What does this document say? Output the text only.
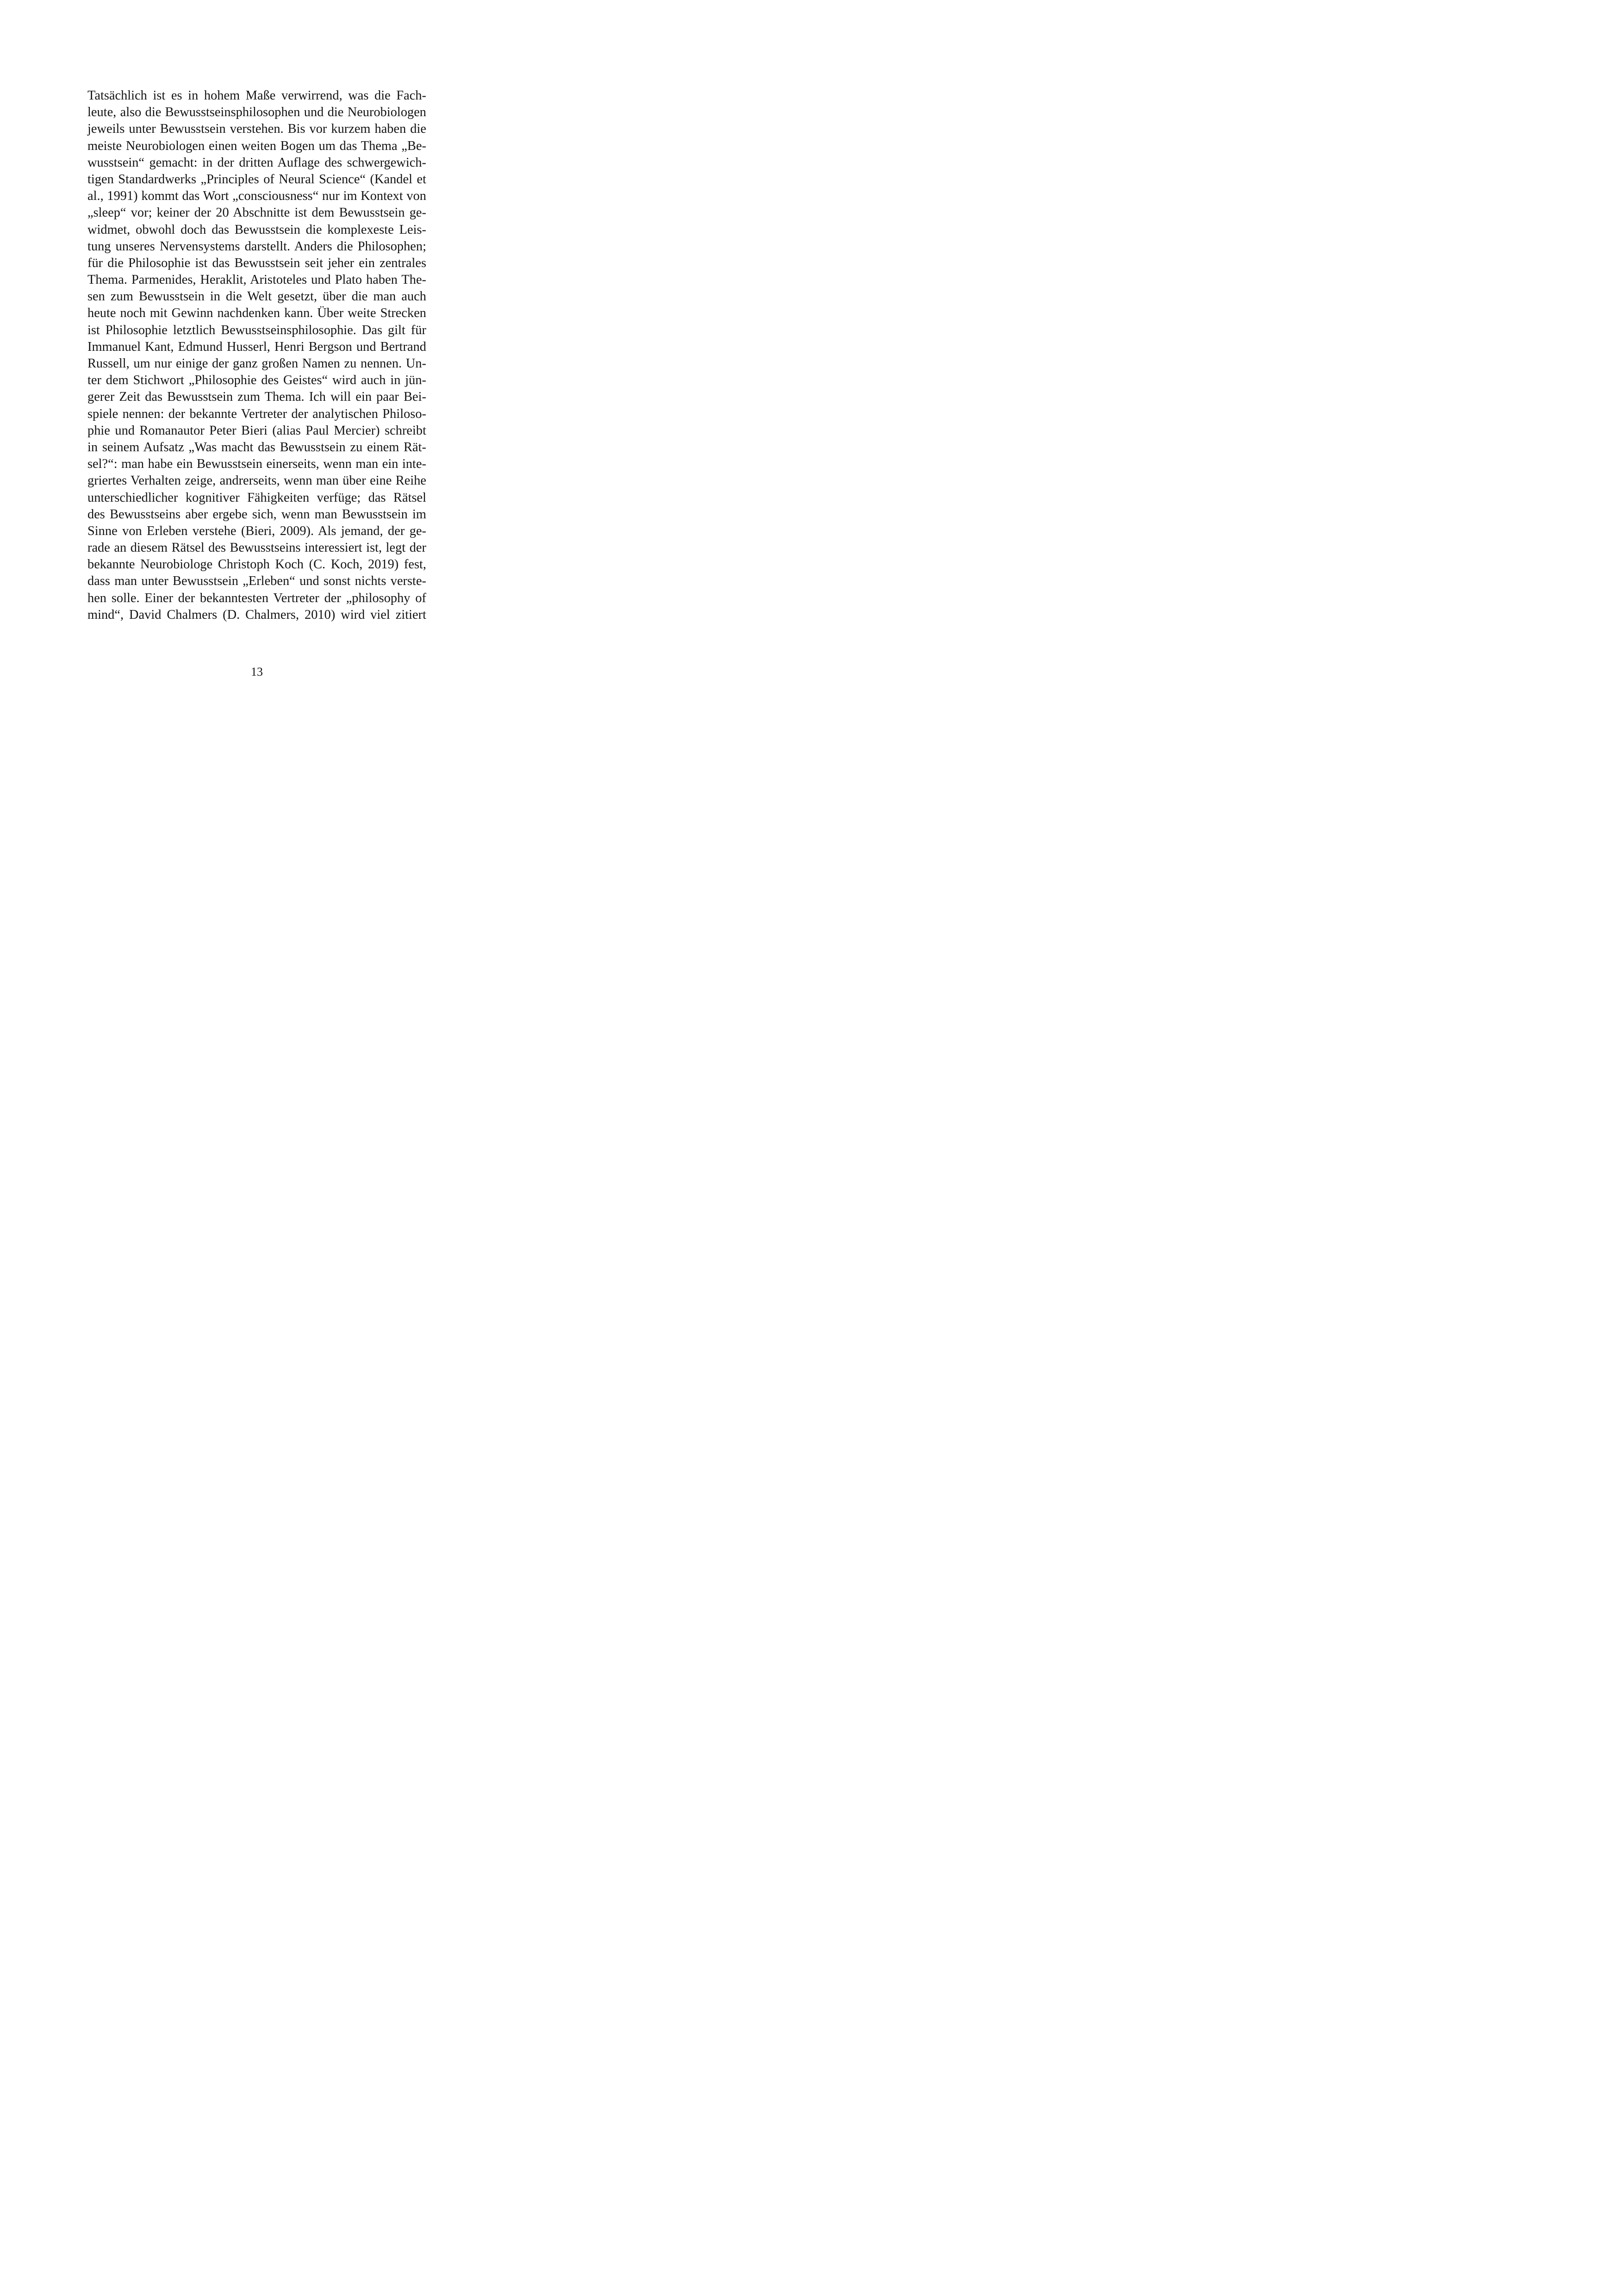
Tatsächlich ist es in hohem Maße verwirrend, was die Fach-
leute, also die Bewusstseinsphilosophen und die Neurobiologen
jeweils unter Bewusstsein verstehen. Bis vor kurzem haben die
meiste Neurobiologen einen weiten Bogen um das Thema „Be-
wusstsein“ gemacht: in der dritten Auflage des schwergewich-
tigen Standardwerks „Principles of Neural Science“ (Kandel et
al., 1991) kommt das Wort „consciousness“ nur im Kontext von
„sleep“ vor; keiner der 20 Abschnitte ist dem Bewusstsein ge-
widmet, obwohl doch das Bewusstsein die komplexeste Leis-
tung unseres Nervensystems darstellt. Anders die Philosophen;
für die Philosophie ist das Bewusstsein seit jeher ein zentrales
Thema. Parmenides, Heraklit, Aristoteles und Plato haben The-
sen zum Bewusstsein in die Welt gesetzt, über die man auch
heute noch mit Gewinn nachdenken kann. Über weite Strecken
ist Philosophie letztlich Bewusstseinsphilosophie. Das gilt für
Immanuel Kant, Edmund Husserl, Henri Bergson und Bertrand
Russell, um nur einige der ganz großen Namen zu nennen. Un-
ter dem Stichwort „Philosophie des Geistes“ wird auch in jün-
gerer Zeit das Bewusstsein zum Thema. Ich will ein paar Bei-
spiele nennen: der bekannte Vertreter der analytischen Philoso-
phie und Romanautor Peter Bieri (alias Paul Mercier) schreibt
in seinem Aufsatz „Was macht das Bewusstsein zu einem Rät-
sel?“: man habe ein Bewusstsein einerseits, wenn man ein inte-
griertes Verhalten zeige, andrerseits, wenn man über eine Reihe
unterschiedlicher kognitiver Fähigkeiten verfüge; das Rätsel
des Bewusstseins aber ergebe sich, wenn man Bewusstsein im
Sinne von Erleben verstehe (Bieri, 2009). Als jemand, der ge-
rade an diesem Rätsel des Bewusstseins interessiert ist, legt der
bekannte Neurobiologe Christoph Koch (C. Koch, 2019) fest,
dass man unter Bewusstsein „Erleben“ und sonst nichts verste-
hen solle. Einer der bekanntesten Vertreter der „philosophy of
mind“, David Chalmers (D. Chalmers, 2010) wird viel zitiert
13
